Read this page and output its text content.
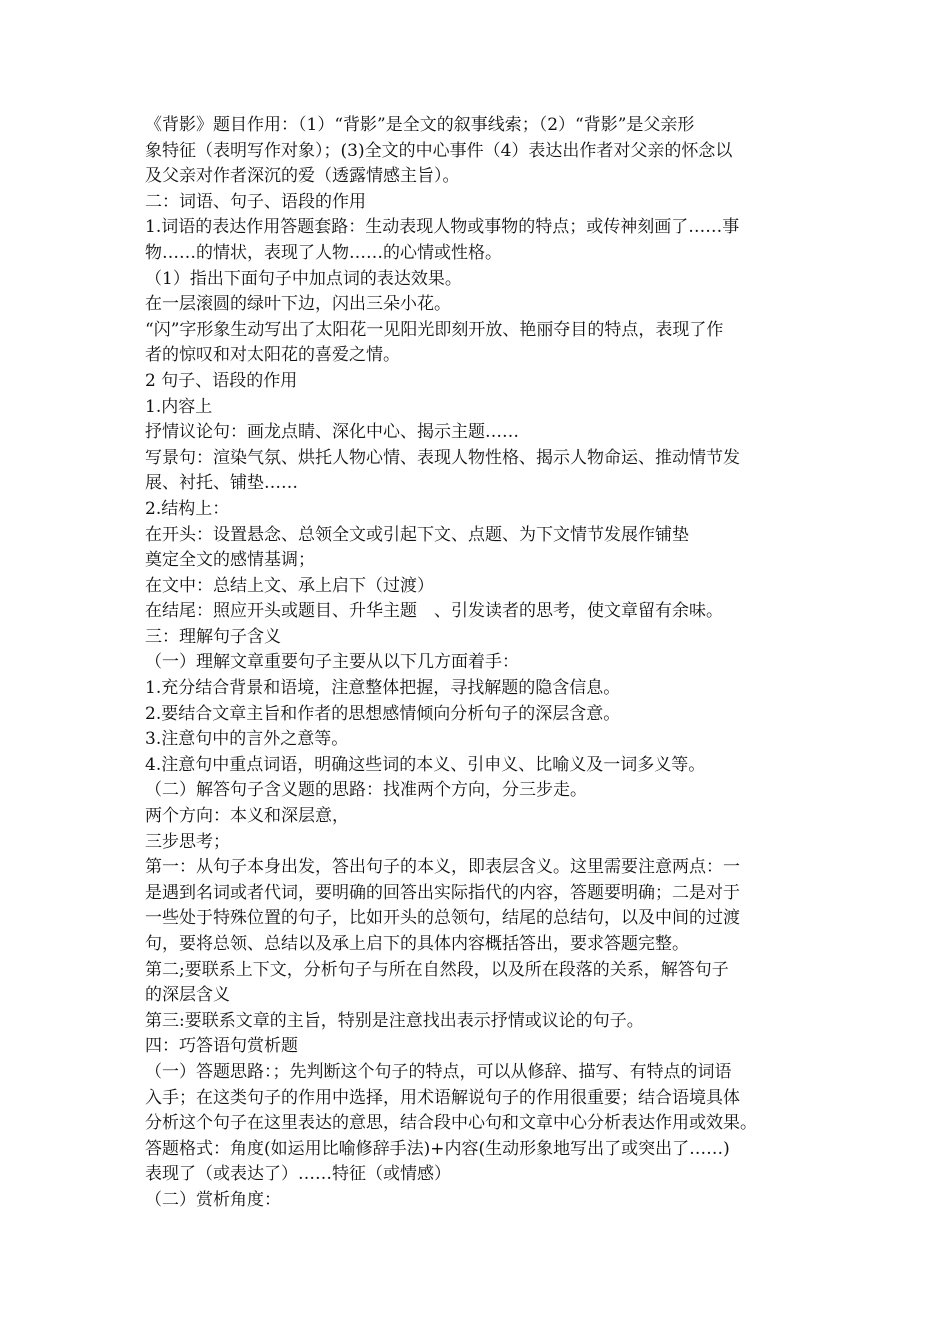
《背影》题目作用：（1）“背影”是全文的叙事线索；（2）“背影”是父亲形
象特征（表明写作对象）；(3)全文的中心事件（4）表达出作者对父亲的怀念以
及父亲对作者深沉的爱（透露情感主旨）。
二：词语、句子、语段的作用
1.词语的表达作用答题套路：生动表现人物或事物的特点；或传神刻画了……事
物……的情状，表现了人物……的心情或性格。
（1）指出下面句子中加点词的表达效果。
在一层滚圆的绿叶下边，闪出三朵小花。
“闪”字形象生动写出了太阳花一见阳光即刻开放、艳丽夺目的特点，表现了作
者的惊叹和对太阳花的喜爱之情。
2 句子、语段的作用
1.内容上
抒情议论句：画龙点睛、深化中心、揭示主题……
写景句：渲染气氛、烘托人物心情、表现人物性格、揭示人物命运、推动情节发
展、衬托、铺垫……
2.结构上：
在开头：设置悬念、总领全文或引起下文、点题、为下文情节发展作铺垫
奠定全文的感情基调；
在文中：总结上文、承上启下（过渡）
在结尾：照应开头或题目、升华主题　、引发读者的思考，使文章留有余味。
三：理解句子含义
（一）理解文章重要句子主要从以下几方面着手：
1.充分结合背景和语境，注意整体把握，寻找解题的隐含信息。
2.要结合文章主旨和作者的思想感情倾向分析句子的深层含意。
3.注意句中的言外之意等。
4.注意句中重点词语，明确这些词的本义、引申义、比喻义及一词多义等。
（二）解答句子含义题的思路：找准两个方向，分三步走。
两个方向：本义和深层意，
三步思考；
第一：从句子本身出发，答出句子的本义，即表层含义。这里需要注意两点：一
是遇到名词或者代词，要明确的回答出实际指代的内容，答题要明确；二是对于
一些处于特殊位置的句子，比如开头的总领句，结尾的总结句，以及中间的过渡
句，要将总领、总结以及承上启下的具体内容概括答出，要求答题完整。
第二;要联系上下文，分析句子与所在自然段，以及所在段落的关系，解答句子
的深层含义
第三:要联系文章的主旨，特别是注意找出表示抒情或议论的句子。
四：巧答语句赏析题
（一）答题思路：；先判断这个句子的特点，可以从修辞、描写、有特点的词语
入手；在这类句子的作用中选择，用术语解说句子的作用很重要；结合语境具体
分析这个句子在这里表达的意思，结合段中心句和文章中心分析表达作用或效果。
答题格式：角度(如运用比喻修辞手法)+内容(生动形象地写出了或突出了……)
表现了（或表达了）……特征（或情感）
（二）赏析角度：
